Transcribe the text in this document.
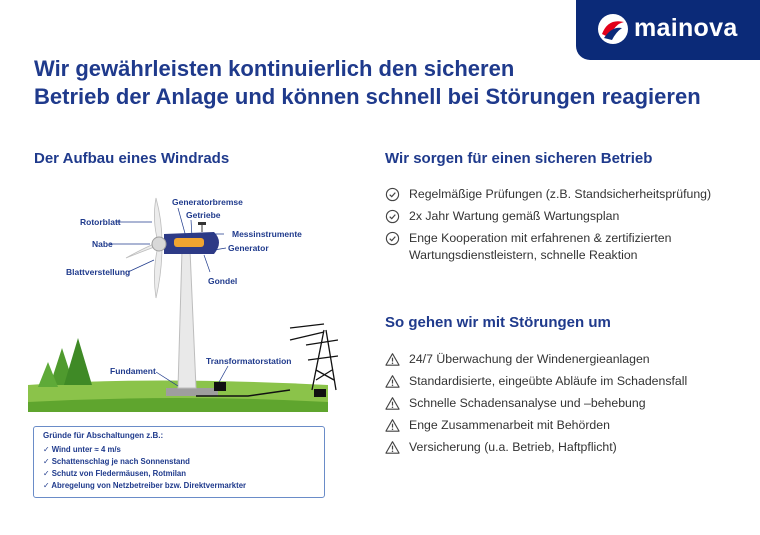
mainova
Wir gewährleisten kontinuierlich den sicheren
Betrieb der Anlage und können schnell bei Störungen reagieren
Der Aufbau eines Windrads
Rotorblatt
Nabe
Blattverstellung
Generatorbremse
Getriebe
Messinstrumente
Generator
Gondel
Fundament
Transformatorstation
Gründe für Abschaltungen z.B.:
✓ Wind unter ≈ 4 m/s
✓ Schattenschlag je nach Sonnenstand
✓ Schutz von Fledermäusen, Rotmilan
✓ Abregelung von Netzbetreiber bzw. Direktvermarkter
Wir sorgen für einen sicheren Betrieb
Regelmäßige Prüfungen (z.B. Standsicherheitsprüfung)
2x Jahr Wartung gemäß Wartungsplan
Enge Kooperation mit erfahrenen & zertifizierten Wartungsdienstleistern, schnelle Reaktion
So gehen wir mit Störungen um
24/7 Überwachung der Windenergieanlagen
Standardisierte, eingeübte Abläufe im Schadensfall
Schnelle Schadensanalyse und –behebung
Enge Zusammenarbeit mit Behörden
Versicherung (u.a. Betrieb, Haftpflicht)
